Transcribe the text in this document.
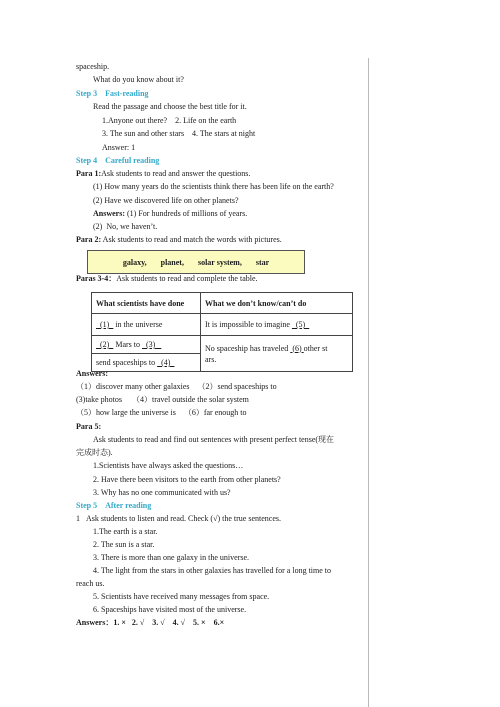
spaceship.
What do you know about it?
Step 3    Fast-reading
Read the passage and choose the best title for it.
1.Anyone out there?    2. Life on the earth
3. The sun and other stars    4. The stars at night
Answer: 1
Step 4    Careful reading
Para 1:Ask students to read and answer the questions.
(1) How many years do the scientists think there has been life on the earth?
(2) Have we discovered life on other planets?
Answers: (1) For hundreds of millions of years.
(2)  No, we haven’t.
Para 2: Ask students to read and match the words with pictures.
galaxy, planet, solar system, star
Paras 3-4：Ask students to read and complete the table.
What scientists have done	What we don’t know/can’t do
(1)   in the universe	It is impossible to imagine   (5)
(2)   Mars to   (3)	No spaceship has traveled  (6) other st
ars.
send spaceships to   (4)	
Answers:
（1）discover many other galaxies    （2）send spaceships to
(3)take photos     （4）travel outside the solar system
（5）how large the universe is    （6）far enough to
Para 5:
Ask students to read and find out sentences with present perfect tense(现在
完成时态).
1.Scientists have always asked the questions…
2. Have there been visitors to the earth from other planets?
3. Why has no one communicated with us?
Step 5    After reading
1   Ask students to listen and read. Check (√) the true sentences.
1.The earth is a star.
2. The sun is a star.
3. There is more than one galaxy in the universe.
4. The light from the stars in other galaxies has travelled for a long time to
reach us.
5. Scientists have received many messages from space.
6. Spaceships have visited most of the universe.
Answers：1. ×   2. √    3. √    4. √    5. ×    6.×
